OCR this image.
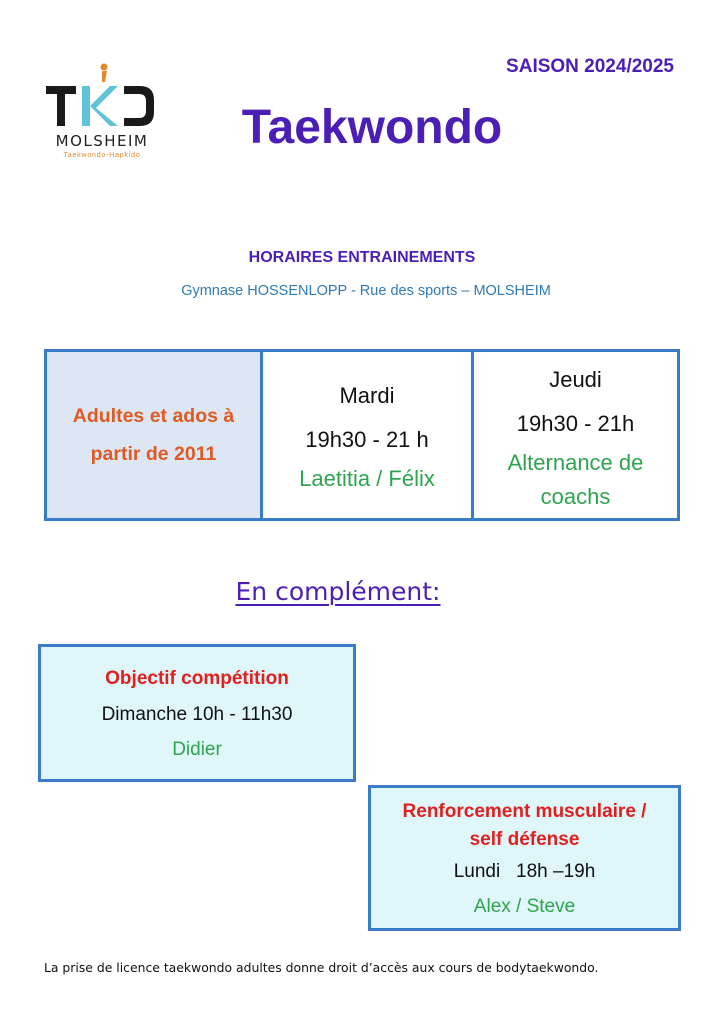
MOLSHEIM
Taekwondo-Hapkido
SAISON 2024/2025
Taekwondo
HORAIRES ENTRAINEMENTS
Gymnase HOSSENLOPP - Rue des sports – MOLSHEIM
Adultes et ados à
partir de 2011
Mardi
19h30 - 21 h
Laetitia / Félix
Jeudi
19h30 - 21h
Alternance de
coachs
En complément:
Objectif compétition
Dimanche 10h - 11h30
Didier
Renforcement musculaire /
self défense
Lundi   18h –19h
Alex / Steve
La prise de licence taekwondo adultes donne droit d’accès aux cours de bodytaekwondo.
